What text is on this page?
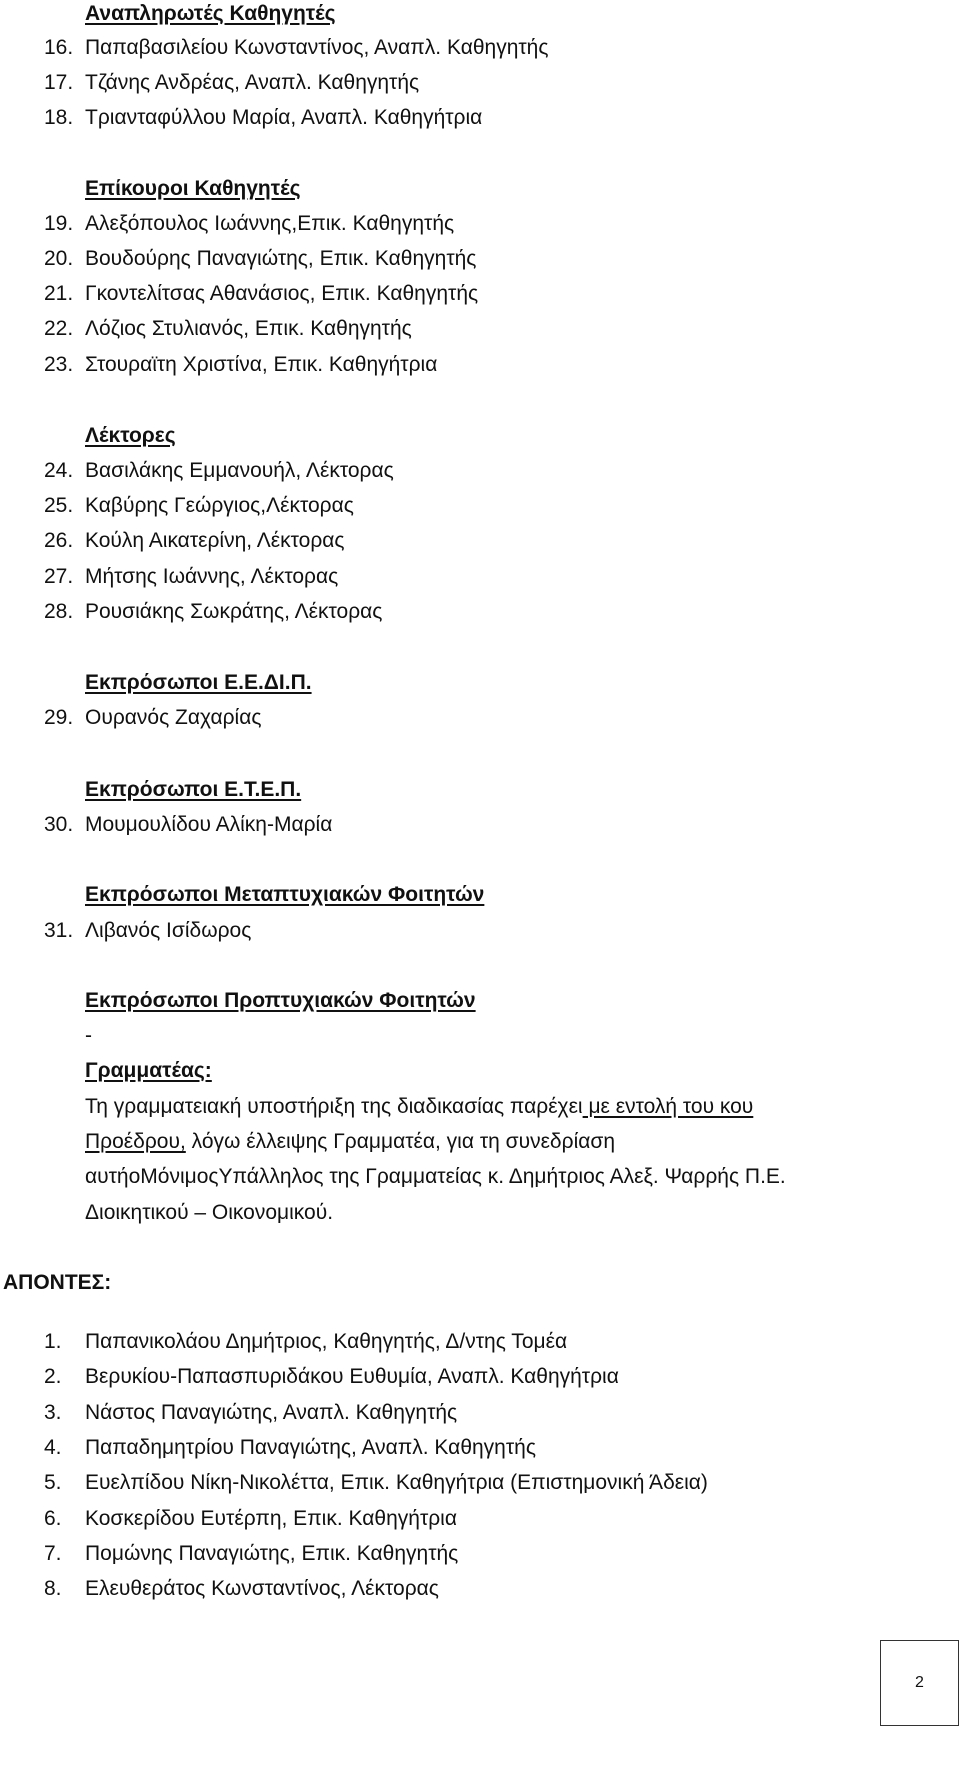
Αναπληρωτές Καθηγητές
16. Παπαβασιλείου Κωνσταντίνος, Αναπλ. Καθηγητής
17. Τζάνης Ανδρέας, Αναπλ. Καθηγητής
18. Τριανταφύλλου Μαρία, Αναπλ. Καθηγήτρια
Επίκουροι Καθηγητές
19. Αλεξόπουλος Ιωάννης,Επικ. Καθηγητής
20. Βουδούρης Παναγιώτης, Επικ. Καθηγητής
21. Γκοντελίτσας Αθανάσιος, Επικ. Καθηγητής
22. Λόζιος Στυλιανός, Επικ. Καθηγητής
23. Στουραϊτη Χριστίνα, Επικ. Καθηγήτρια
Λέκτορες
24. Βασιλάκης Εμμανουήλ, Λέκτορας
25. Καβύρης Γεώργιος,Λέκτορας
26. Κούλη Αικατερίνη, Λέκτορας
27. Μήτσης Ιωάννης, Λέκτορας
28. Ρουσιάκης Σωκράτης, Λέκτορας
Εκπρόσωποι Ε.Ε.ΔΙ.Π.
29. Ουρανός Ζαχαρίας
Εκπρόσωποι Ε.Τ.Ε.Π.
30. Μουμουλίδου Αλίκη-Μαρία
Εκπρόσωποι Μεταπτυχιακών Φοιτητών
31. Λιβανός Ισίδωρος
Εκπρόσωποι Προπτυχιακών Φοιτητών
-
Γραμματέας:
Τη γραμματειακή υποστήριξη της διαδικασίας παρέχει με εντολή του κου
Προέδρου, λόγω έλλειψης Γραμματέα, για τη συνεδρίαση
αυτήοΜόνιμοςΥπάλληλος της Γραμματείας κ. Δημήτριος Αλεξ. Ψαρρής Π.Ε.
Διοικητικού – Οικονομικού.
ΑΠΟΝΤΕΣ:
1. Παπανικολάου Δημήτριος, Καθηγητής, Δ/ντης Τομέα
2. Βερυκίου-Παπασπυριδάκου Ευθυμία, Αναπλ. Καθηγήτρια
3. Νάστος Παναγιώτης, Αναπλ. Καθηγητής
4. Παπαδημητρίου Παναγιώτης, Αναπλ. Καθηγητής
5. Ευελπίδου Νίκη-Νικολέττα, Επικ. Καθηγήτρια (Επιστημονική Άδεια)
6. Κοσκερίδου Ευτέρπη, Επικ. Καθηγήτρια
7. Πομώνης Παναγιώτης, Επικ. Καθηγητής
8. Ελευθεράτος Κωνσταντίνος, Λέκτορας
2
